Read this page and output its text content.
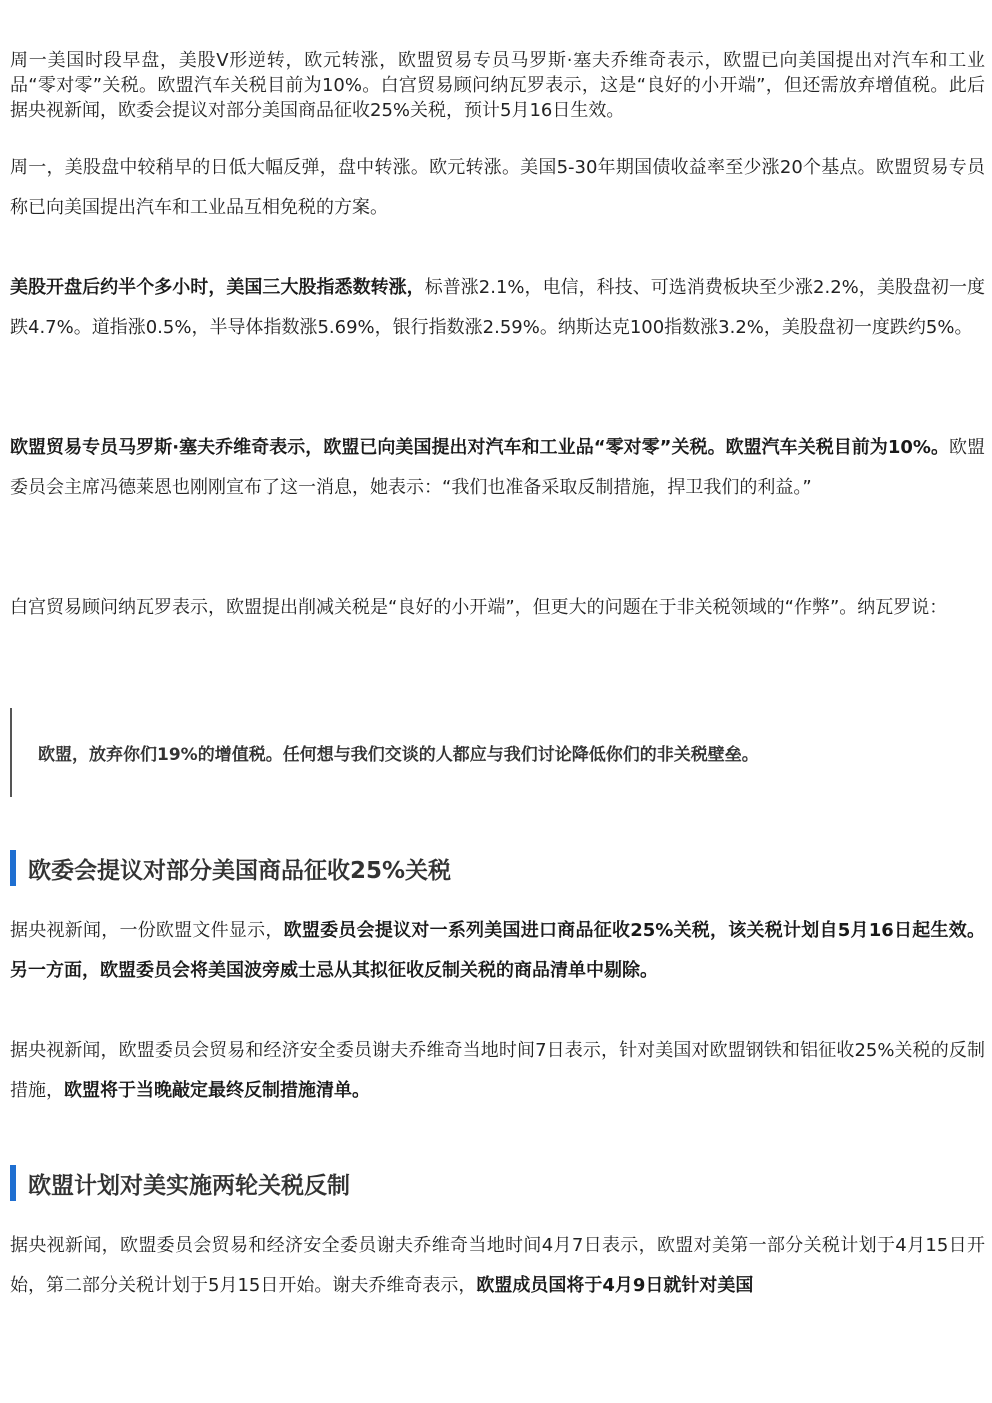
周一美国时段早盘，美股V形逆转，欧元转涨，欧盟贸易专员马罗斯·塞夫乔维奇表示，欧盟已向美国提出对汽车和工业品“零对零”关税。欧盟汽车关税目前为10%。白宫贸易顾问纳瓦罗表示，这是“良好的小开端”，但还需放弃增值税。此后据央视新闻，欧委会提议对部分美国商品征收25%关税，预计5月16日生效。

周一，美股盘中较稍早的日低大幅反弹，盘中转涨。欧元转涨。美国5-30年期国债收益率至少涨20个基点。欧盟贸易专员称已向美国提出汽车和工业品互相免税的方案。

美股开盘后约半个多小时，美国三大股指悉数转涨，标普涨2.1%，电信，科技、可选消费板块至少涨2.2%，美股盘初一度跌4.7%。道指涨0.5%，半导体指数涨5.69%，银行指数涨2.59%。纳斯达克100指数涨3.2%，美股盘初一度跌约5%。

欧盟贸易专员马罗斯·塞夫乔维奇表示，欧盟已向美国提出对汽车和工业品“零对零”关税。欧盟汽车关税目前为10%。欧盟委员会主席冯德莱恩也刚刚宣布了这一消息，她表示：“我们也准备采取反制措施，捍卫我们的利益。”

白宫贸易顾问纳瓦罗表示，欧盟提出削减关税是“良好的小开端”，但更大的问题在于非关税领域的“作弊”。纳瓦罗说：

欧盟，放弃你们19%的增值税。任何想与我们交谈的人都应与我们讨论降低你们的非关税壁垒。
欧委会提议对部分美国商品征收25%关税

据央视新闻，一份欧盟文件显示，欧盟委员会提议对一系列美国进口商品征收25%关税，该关税计划自5月16日起生效。另一方面，欧盟委员会将美国波旁威士忌从其拟征收反制关税的商品清单中剔除。

据央视新闻，欧盟委员会贸易和经济安全委员谢夫乔维奇当地时间7日表示，针对美国对欧盟钢铁和铝征收25%关税的反制措施，欧盟将于当晚敲定最终反制措施清单。

欧盟计划对美实施两轮关税反制

据央视新闻，欧盟委员会贸易和经济安全委员谢夫乔维奇当地时间4月7日表示，欧盟对美第一部分关税计划于4月15日开始，第二部分关税计划于5月15日开始。谢夫乔维奇表示，欧盟成员国将于4月9日就针对美国
